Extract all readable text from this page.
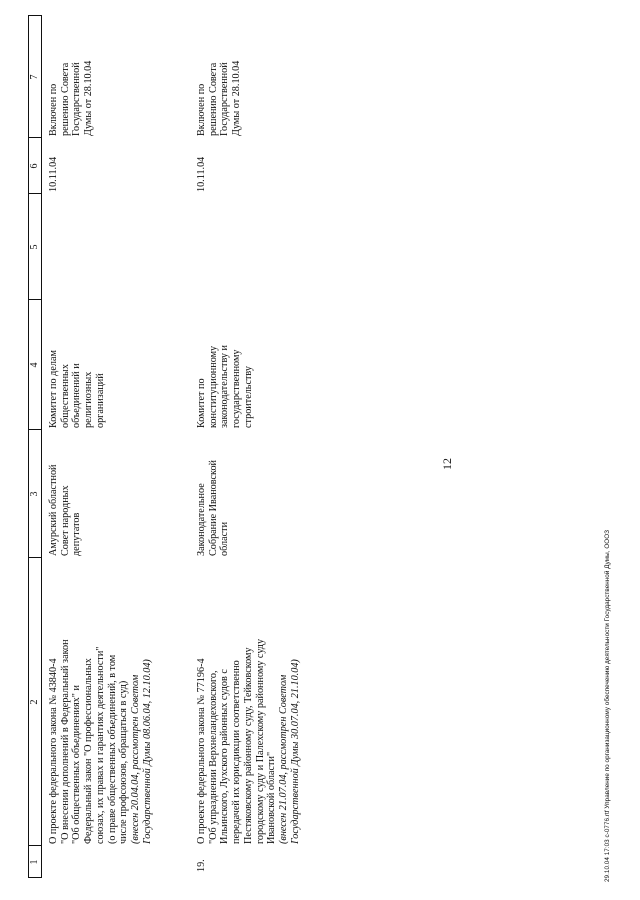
1
2
3
4
5
6
7
О проекте федерального закона № 43840-4 "О внесении дополнений в Федеральный закон "Об общественных объединениях" и Федеральный закон "О профессиональных союзах, их правах и гарантиях деятельности" (о праве общественных объединений, в том числе профсоюзов, обращаться в суд) (внесен 20.04.04, рассмотрен Советом Государственной Думы 08.06.04, 12.10.04)
Амурский областной Совет народных депутатов
Комитет по делам общественных объединений и религиозных организаций
10.11.04
Включен по решению Совета Государственной Думы от 28.10.04
19.
О проекте федерального закона № 77196-4 "Об упразднении Верхнеландеховского, Ильинского, Лухского районных судов с передачей их юрисдикции соответственно Пестяковскому районному суду, Тейковскому городскому суду и Палехскому районному суду Ивановской области" (внесен 21.07.04, рассмотрен Советом Государственной Думы 30.07.04, 21.10.04)
Законодательное Собрание Ивановской области
Комитет по конституционному законодательству и государственному строительству
10.11.04
Включен по решению Совета Государственной Думы от 28.10.04
12
29.10.04 17:03 c-0776.rtf Управление по организационному обеспечению деятельности Государственной Думы, ОООЗ
